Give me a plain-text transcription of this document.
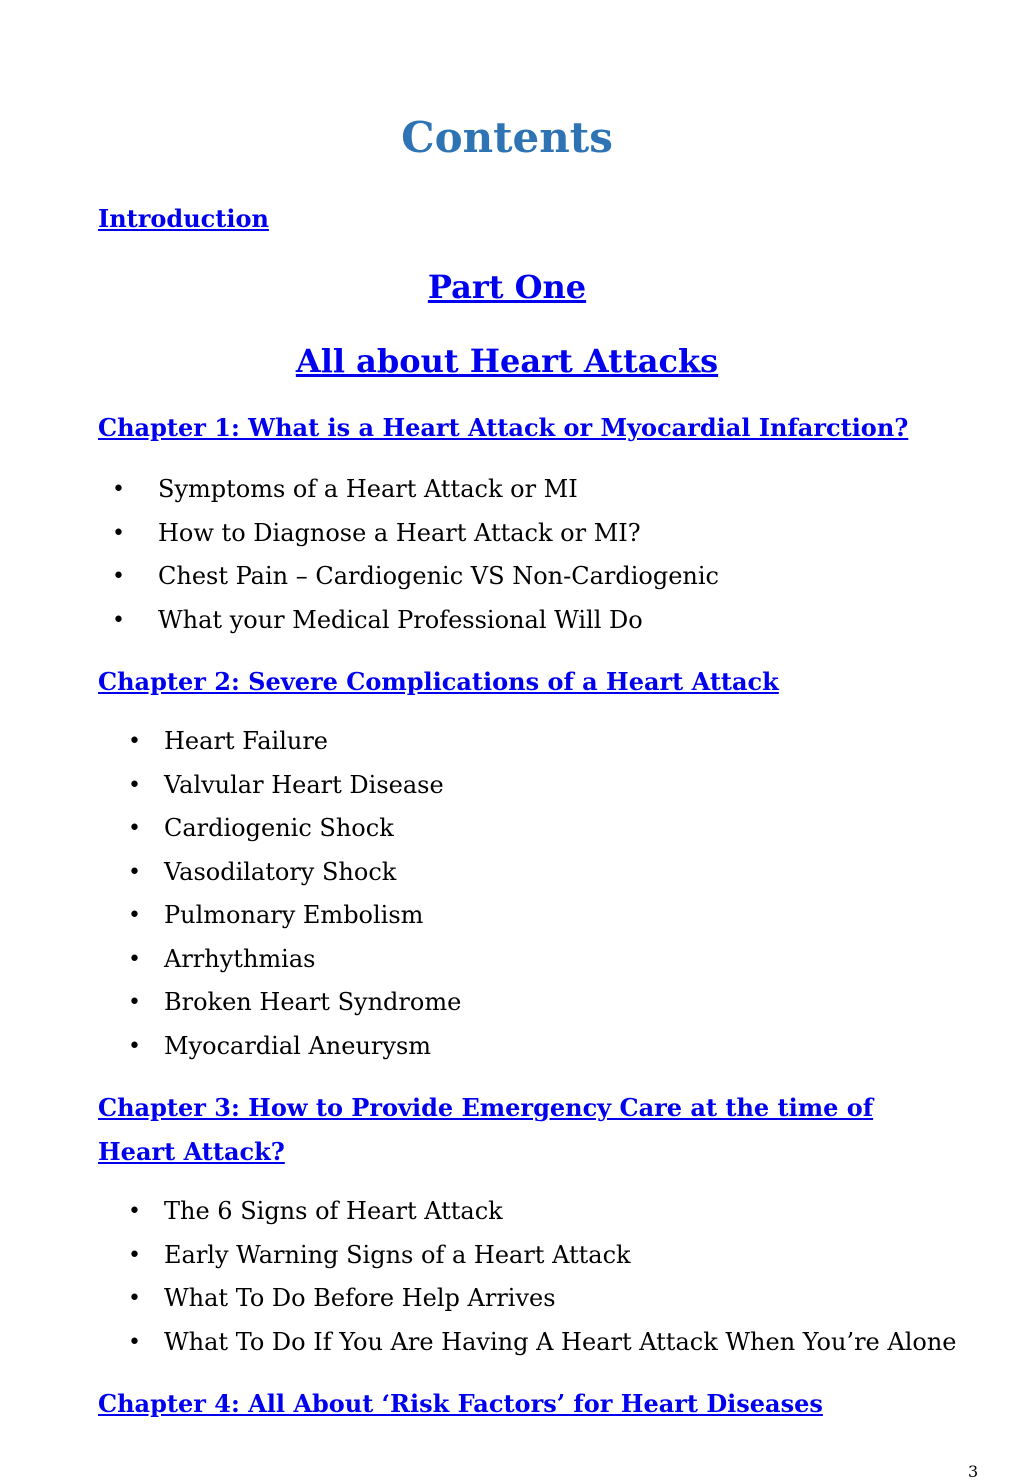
Contents
Introduction
Part One
All about Heart Attacks
Chapter 1: What is a Heart Attack or Myocardial Infarction?
• Symptoms of a Heart Attack or MI
• How to Diagnose a Heart Attack or MI?
• Chest Pain – Cardiogenic VS Non-Cardiogenic
• What your Medical Professional Will Do
Chapter 2: Severe Complications of a Heart Attack
• Heart Failure
• Valvular Heart Disease
• Cardiogenic Shock
• Vasodilatory Shock
• Pulmonary Embolism
• Arrhythmias
• Broken Heart Syndrome
• Myocardial Aneurysm
Chapter 3: How to Provide Emergency Care at the time of Heart Attack?
• The 6 Signs of Heart Attack
• Early Warning Signs of a Heart Attack
• What To Do Before Help Arrives
• What To Do If You Are Having A Heart Attack When You’re Alone
Chapter 4: All About ‘Risk Factors’ for Heart Diseases
3
